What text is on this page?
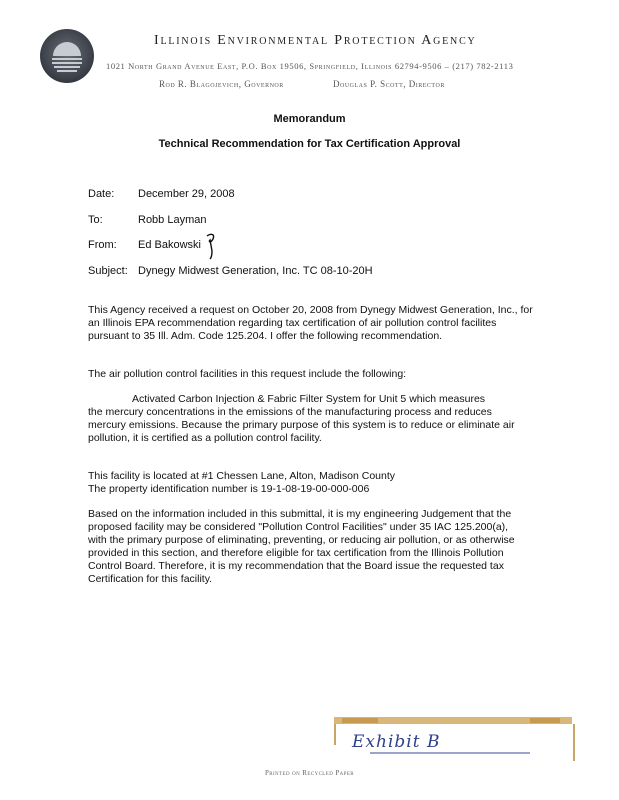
Illinois Environmental Protection Agency
1021 North Grand Avenue East, P.O. Box 19506, Springfield, Illinois 62794-9506 – (217) 782-2113
Rod R. Blagojevich, Governor	Douglas P. Scott, Director
Memorandum
Technical Recommendation for Tax Certification Approval
Date: December 29, 2008
To:	Robb Layman
From: Ed Bakowski
Subject: Dynegy Midwest Generation, Inc. TC 08-10-20H
This Agency received a request on October 20, 2008 from Dynegy Midwest Generation, Inc., for an Illinois EPA recommendation regarding tax certification of air pollution control facilites pursuant to 35 Ill. Adm. Code 125.204. I offer the following recommendation.
The air pollution control facilities in this request include the following:
Activated Carbon Injection & Fabric Filter System for Unit 5 which measures
the mercury concentrations in the emissions of the manufacturing process and reduces mercury emissions. Because the primary purpose of this system is to reduce or eliminate air pollution, it is certified as a pollution control facility.
This facility is located at #1 Chessen Lane, Alton, Madison County
The property identification number is 19-1-08-19-00-000-006
Based on the information included in this submittal, it is my engineering Judgement that the proposed facility may be considered "Pollution Control Facilities" under 35 IAC 125.200(a), with the primary purpose of eliminating, preventing, or reducing air pollution, or as otherwise provided in this section, and therefore eligible for tax certification from the Illinois Pollution Control Board. Therefore, it is my recommendation that the Board issue the requested tax Certification for this facility.
Exhibit B
Printed on Recycled Paper
